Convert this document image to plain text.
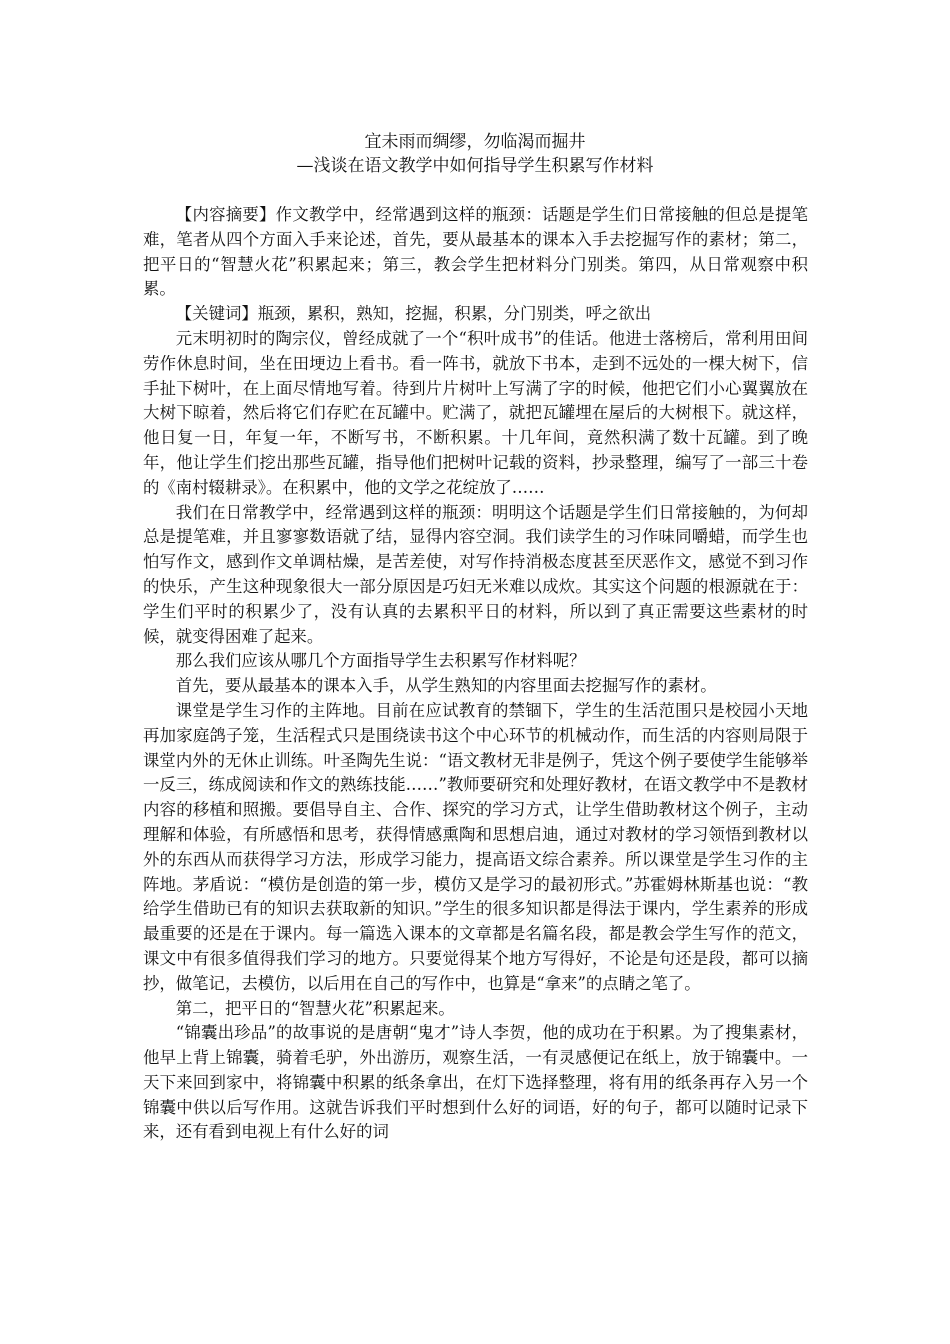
宜未雨而绸缪，勿临渴而掘井
—浅谈在语文教学中如何指导学生积累写作材料

【内容摘要】作文教学中，经常遇到这样的瓶颈：话题是学生们日常接触的但总是提笔难，笔者从四个方面入手来论述，首先，要从最基本的课本入手去挖掘写作的素材；第二，把平日的“智慧火花”积累起来；第三，教会学生把材料分门别类。第四，从日常观察中积累。

【关键词】瓶颈，累积，熟知，挖掘，积累，分门别类，呼之欲出

元末明初时的陶宗仪，曾经成就了一个“积叶成书”的佳话。他进士落榜后，常利用田间劳作休息时间，坐在田埂边上看书。看一阵书，就放下书本，走到不远处的一棵大树下，信手扯下树叶，在上面尽情地写着。待到片片树叶上写满了字的时候，他把它们小心翼翼放在大树下晾着，然后将它们存贮在瓦罐中。贮满了，就把瓦罐埋在屋后的大树根下。就这样，他日复一日，年复一年，不断写书，不断积累。十几年间，竟然积满了数十瓦罐。到了晚年，他让学生们挖出那些瓦罐，指导他们把树叶记载的资料，抄录整理，编写了一部三十卷的《南村辍耕录》。在积累中，他的文学之花绽放了……

我们在日常教学中，经常遇到这样的瓶颈：明明这个话题是学生们日常接触的，为何却总是提笔难，并且寥寥数语就了结，显得内容空洞。我们读学生的习作味同嚼蜡，而学生也怕写作文，感到作文单调枯燥，是苦差使，对写作持消极态度甚至厌恶作文，感觉不到习作的快乐，产生这种现象很大一部分原因是巧妇无米难以成炊。其实这个问题的根源就在于：学生们平时的积累少了，没有认真的去累积平日的材料，所以到了真正需要这些素材的时候，就变得困难了起来。

那么我们应该从哪几个方面指导学生去积累写作材料呢？

首先，要从最基本的课本入手，从学生熟知的内容里面去挖掘写作的素材。

课堂是学生习作的主阵地。目前在应试教育的禁锢下，学生的生活范围只是校园小天地再加家庭鸽子笼，生活程式只是围绕读书这个中心环节的机械动作，而生活的内容则局限于课堂内外的无休止训练。叶圣陶先生说：“语文教材无非是例子，凭这个例子要使学生能够举一反三，练成阅读和作文的熟练技能……”教师要研究和处理好教材，在语文教学中不是教材内容的移植和照搬。要倡导自主、合作、探究的学习方式，让学生借助教材这个例子，主动理解和体验，有所感悟和思考，获得情感熏陶和思想启迪，通过对教材的学习领悟到教材以外的东西从而获得学习方法，形成学习能力，提高语文综合素养。所以课堂是学生习作的主阵地。茅盾说：“模仿是创造的第一步，模仿又是学习的最初形式。”苏霍姆林斯基也说：“教给学生借助已有的知识去获取新的知识。”学生的很多知识都是得法于课内，学生素养的形成最重要的还是在于课内。每一篇选入课本的文章都是名篇名段，都是教会学生写作的范文，课文中有很多值得我们学习的地方。只要觉得某个地方写得好，不论是句还是段，都可以摘抄，做笔记，去模仿，以后用在自己的写作中，也算是“拿来”的点睛之笔了。

第二，把平日的“智慧火花”积累起来。

“锦囊出珍品”的故事说的是唐朝“鬼才”诗人李贺，他的成功在于积累。为了搜集素材，他早上背上锦囊，骑着毛驴，外出游历，观察生活，一有灵感便记在纸上，放于锦囊中。一天下来回到家中，将锦囊中积累的纸条拿出，在灯下选择整理，将有用的纸条再存入另一个锦囊中供以后写作用。这就告诉我们平时想到什么好的词语，好的句子，都可以随时记录下来，还有看到电视上有什么好的词
